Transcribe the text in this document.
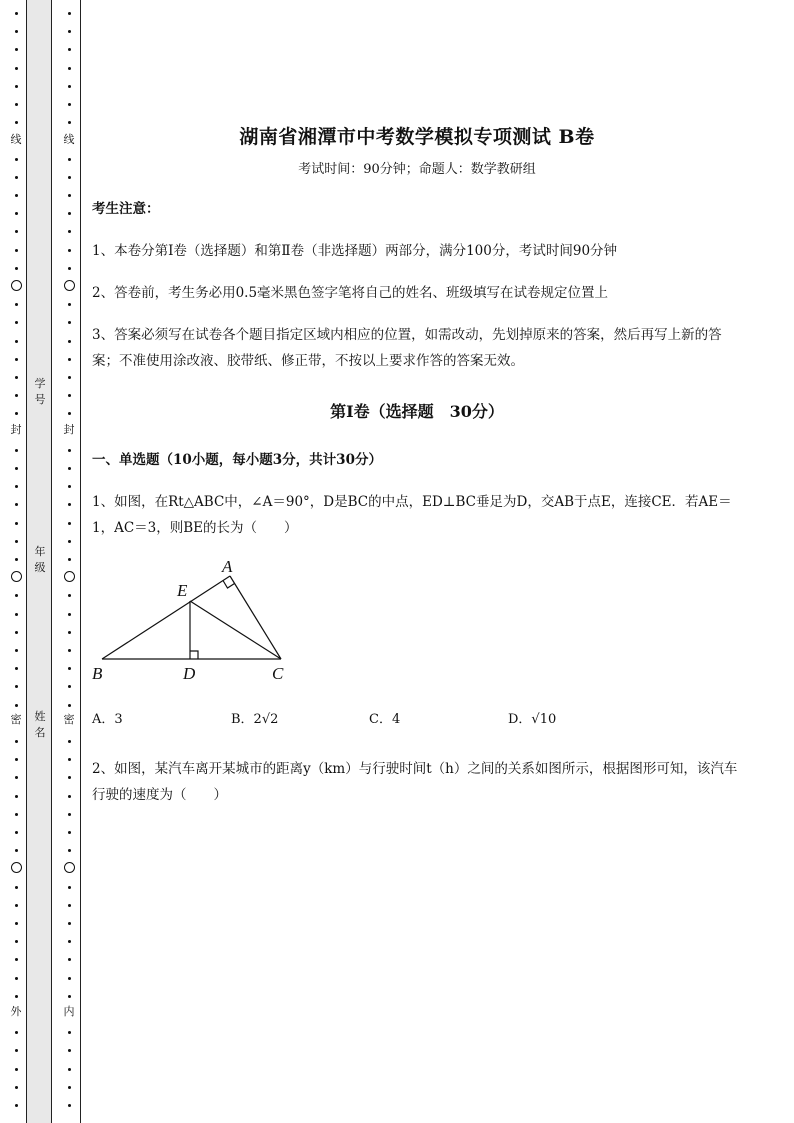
线
封
密
外
学号
年级
姓名
线
封
密
内
湖南省湘潭市中考数学模拟专项测试 B卷
考试时间：90分钟；命题人：数学教研组
考生注意：
1、本卷分第I卷（选择题）和第Ⅱ卷（非选择题）两部分，满分100分，考试时间90分钟
2、答卷前，考生务必用0.5毫米黑色签字笔将自己的姓名、班级填写在试卷规定位置上
3、答案必须写在试卷各个题目指定区域内相应的位置，如需改动，先划掉原来的答案，然后再写上新的答案；不准使用涂改液、胶带纸、修正带，不按以上要求作答的答案无效。
第I卷（选择题　30分）
一、单选题（10小题，每小题3分，共计30分）
1、如图，在Rt△ABC中，∠A＝90°，D是BC的中点，ED⊥BC垂足为D，交AB于点E，连接CE．若AE＝1，AC＝3，则BE的长为（　　）
A．3	B．2√2	C．4	D．√10
2、如图，某汽车离开某城市的距离y（km）与行驶时间t（h）之间的关系如图所示，根据图形可知，该汽车行驶的速度为（　　）
A
E
B	D	C
